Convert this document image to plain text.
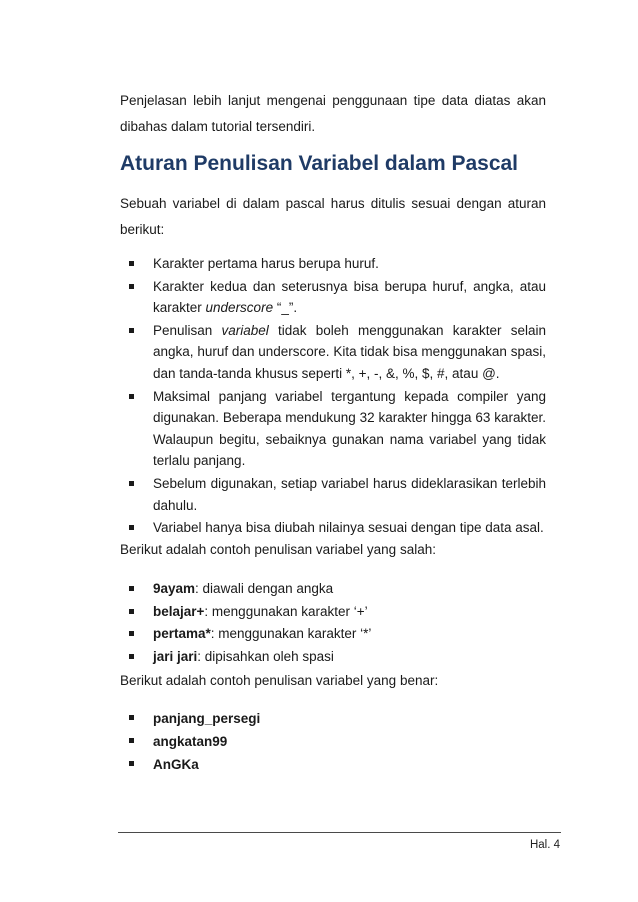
Penjelasan lebih lanjut mengenai penggunaan tipe data diatas akan
dibahas dalam tutorial tersendiri.
Aturan Penulisan Variabel dalam Pascal
Sebuah variabel di dalam pascal harus ditulis sesuai dengan aturan
berikut:
Karakter pertama harus berupa huruf.
Karakter kedua dan seterusnya bisa berupa huruf, angka, atau karakter underscore “_”.
Penulisan variabel tidak boleh menggunakan karakter selain angka, huruf dan underscore. Kita tidak bisa menggunakan spasi, dan tanda-tanda khusus seperti *, +, -, &, %, $, #, atau @.
Maksimal panjang variabel tergantung kepada compiler yang digunakan. Beberapa mendukung 32 karakter hingga 63 karakter. Walaupun begitu, sebaiknya gunakan nama variabel yang tidak terlalu panjang.
Sebelum digunakan, setiap variabel harus dideklarasikan terlebih dahulu.
Variabel hanya bisa diubah nilainya sesuai dengan tipe data asal.
Berikut adalah contoh penulisan variabel yang salah:
9ayam: diawali dengan angka
belajar+: menggunakan karakter ‘+’
pertama*: menggunakan karakter ‘*’
jari jari: dipisahkan oleh spasi
Berikut adalah contoh penulisan variabel yang benar:
panjang_persegi
angkatan99
AnGKa
Hal. 4
